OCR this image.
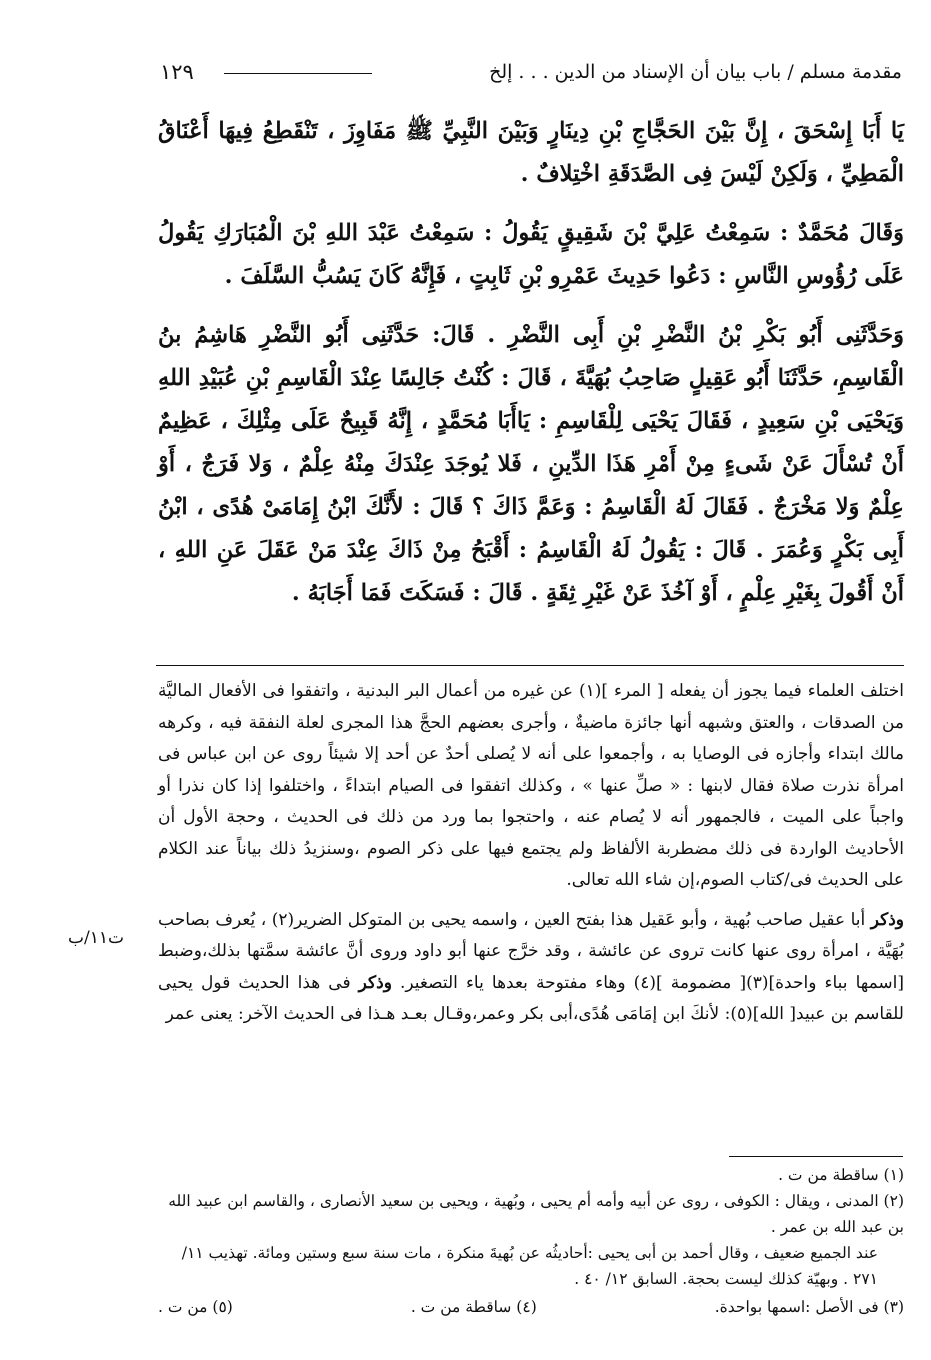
مقدمة مسلم / باب بيان أن الإسناد من الدين . . . إلخ
١٢٩

يَا أَبَا إِسْحَقَ ، إِنَّ بَيْنَ الحَجَّاجِ بْنِ دِينَارٍ وَبَيْنَ النَّبِيِّ ﷺ مَفَاوِزَ ، تَنْقَطِعُ فِيهَا أَعْنَاقُ الْمَطِيِّ ، وَلَكِنْ لَيْسَ فِى الصَّدَقَةِ اخْتِلافٌ .

وَقَالَ مُحَمَّدٌ : سَمِعْتُ عَلِيَّ بْنَ شَقِيقٍ يَقُولُ : سَمِعْتُ عَبْدَ اللهِ بْنَ الْمُبَارَكِ يَقُولُ عَلَى رُؤُوسِ النَّاسِ : دَعُوا حَدِيثَ عَمْرِو بْنِ ثَابِتٍ ، فَإِنَّهُ كَانَ يَسُبُّ السَّلَفَ .

وَحَدَّثَنِى أَبُو بَكْرِ بْنُ النَّضْرِ بْنِ أَبِى النَّضْرِ . قَالَ: حَدَّثَنِى أَبُو النَّضْرِ هَاشِمُ بنُ الْقَاسِمِ، حَدَّثَنَا أَبُو عَقِيلٍ صَاحِبُ بُهَيَّةَ ، قَالَ : كُنْتُ جَالِسًا عِنْدَ الْقَاسِمِ بْنِ عُبَيْدِ اللهِ وَيَحْيَى بْنِ سَعِيدٍ ، فَقَالَ يَحْيَى لِلْقَاسِمِ : يَاأَبَا مُحَمَّدٍ ، إِنَّهُ قَبِيحٌ عَلَى مِثْلِكَ ، عَظِيمٌ أَنْ تُسْأَلَ عَنْ شَىءٍ مِنْ أَمْرِ هَذَا الدِّينِ ، فَلا يُوجَدَ عِنْدَكَ مِنْهُ عِلْمٌ ، وَلا فَرَجٌ ، أَوْ عِلْمٌ وَلا مَخْرَجٌ . فَقَالَ لَهُ الْقَاسِمُ : وَعَمَّ ذَاكَ ؟ قَالَ : لأَنَّكَ ابْنُ إِمَامَىْ هُدًى ، ابْنُ أَبِى بَكْرٍ وَعُمَرَ . قَالَ : يَقُولُ لَهُ الْقَاسِمُ : أَقْبَحُ مِنْ ذَاكَ عِنْدَ مَنْ عَقَلَ عَنِ اللهِ ، أَنْ أَقُولَ بِغَيْرِ عِلْمٍ ، أَوْ آخُذَ عَنْ غَيْرِ ثِقَةٍ . قَالَ : فَسَكَتَ فَمَا أَجَابَهُ .

اختلف العلماء فيما يجوز أن يفعله [ المرء ](١) عن غيره من أعمال البر البدنية ، واتفقوا فى الأفعال الماليَّة من الصدقات ، والعتق وشبهه أنها جائزة ماضيةٌ ، وأجرى بعضهم الحجَّ هذا المجرى لعلة النفقة فيه ، وكرهه مالك ابتداء وأجازه فى الوصايا به ، وأجمعوا على أنه لا يُصلى أحدٌ عن أحد إلا شيئاً روى عن ابن عباس فى امرأة نذرت صلاة فقال لابنها : « صلِّ عنها » ، وكذلك اتفقوا فى الصيام ابتداءً ، واختلفوا إذا كان نذرا أو واجباً على الميت ، فالجمهور أنه لا يُصام عنه ، واحتجوا بما ورد من ذلك فى الحديث ، وحجة الأول أن الأحاديث الواردة فى ذلك مضطربة الألفاظ ولم يجتمع فيها على ذكر الصوم ،وسنزيدُ ذلك بياناً عند الكلام على الحديث فى/كتاب الصوم،إن شاء الله تعالى.

وذكر أبا عقيل صاحب بُهية ، وأبو عَقيل هذا بفتح العين ، واسمه يحيى بن المتوكل الضرير(٢) ، يُعرف بصاحب بُهَيَّة ، امرأة روى عنها كانت تروى عن عائشة ، وقد خرَّج عنها أبو داود وروى أنَّ عائشة سمَّتها بذلك،وضبط [اسمها بباء واحدة](٣)[ مضمومة ](٤) وهاء مفتوحة بعدها ياء التصغير. وذكر فى هذا الحديث قول يحيى للقاسم بن عبيد[ الله](٥): لأنكَ ابن إمَامَى هُدًى،أبى بكر وعمر،وقـال بعـد هـذا فى الحديث الآخر: يعنى عمر

ت١١/ب

(١) ساقطة من ت .

(٢) المدنى ، ويقال : الكوفى ، روى عن أبيه وأمه أم يحيى ، وبُهية ، ويحيى بن سعيد الأنصارى ، والقاسم ابن عبيد الله بن عبد الله بن عمر .

عند الجميع ضعيف ، وقال أحمد بن أبى يحيى :أحاديثُه عن بُهيةَ منكرة ، مات سنة سبع وستين ومائة. تهذيب ١١/ ٢٧١ . وبهيّة كذلك ليست بحجة. السابق ١٢/ ٤٠ .

(٣) فى الأصل :اسمها بواحدة.
(٤) ساقطة من ت .
(٥) من ت .
